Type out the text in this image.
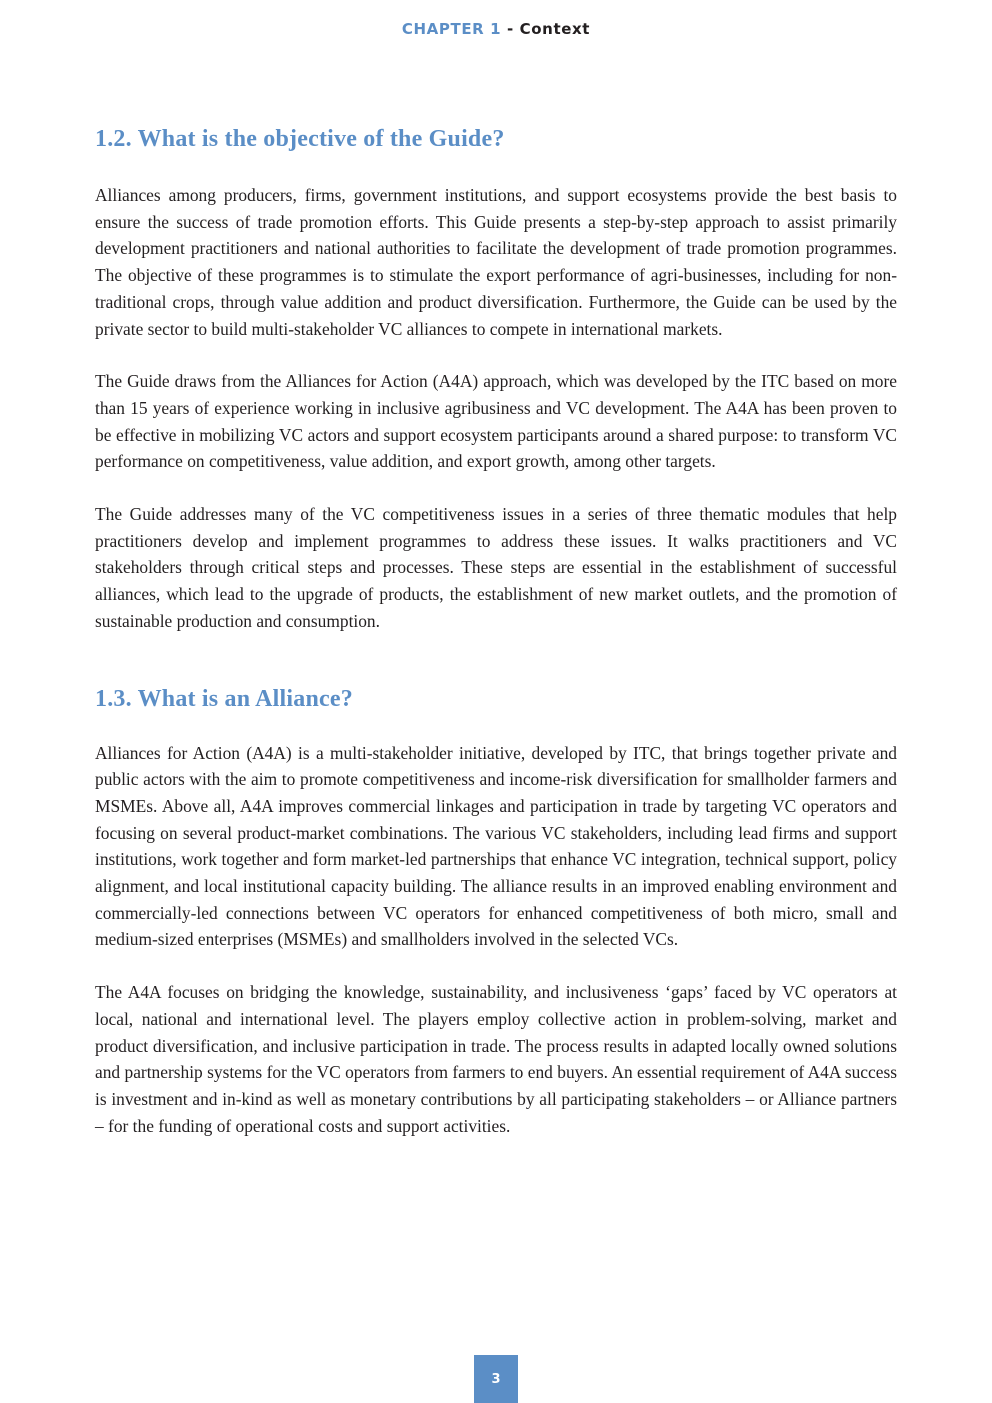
CHAPTER 1 - Context
1.2. What is the objective of the Guide?

Alliances among producers, firms, government institutions, and support ecosystems provide the best basis to ensure the success of trade promotion efforts. This Guide presents a step-by-step approach to assist primarily development practitioners and national authorities to facilitate the development of trade promotion programmes. The objective of these programmes is to stimulate the export performance of agri-businesses, including for non-traditional crops, through value addition and product diversification. Furthermore, the Guide can be used by the private sector to build multi-stakeholder VC alliances to compete in international markets.

The Guide draws from the Alliances for Action (A4A) approach, which was developed by the ITC based on more than 15 years of experience working in inclusive agribusiness and VC development. The A4A has been proven to be effective in mobilizing VC actors and support ecosystem participants around a shared purpose: to transform VC performance on competitiveness, value addition, and export growth, among other targets.

The Guide addresses many of the VC competitiveness issues in a series of three thematic modules that help practitioners develop and implement programmes to address these issues. It walks practitioners and VC stakeholders through critical steps and processes. These steps are essential in the establishment of successful alliances, which lead to the upgrade of products, the establishment of new market outlets, and the promotion of sustainable production and consumption.

1.3. What is an Alliance?

Alliances for Action (A4A) is a multi-stakeholder initiative, developed by ITC, that brings together private and public actors with the aim to promote competitiveness and income-risk diversification for smallholder farmers and MSMEs. Above all, A4A improves commercial linkages and participation in trade by targeting VC operators and focusing on several product-market combinations. The various VC stakeholders, including lead firms and support institutions, work together and form market-led partnerships that enhance VC integration, technical support, policy alignment, and local institutional capacity building. The alliance results in an improved enabling environment and commercially-led connections between VC operators for enhanced competitiveness of both micro, small and medium-sized enterprises (MSMEs) and smallholders involved in the selected VCs.

The A4A focuses on bridging the knowledge, sustainability, and inclusiveness ‘gaps’ faced by VC operators at local, national and international level. The players employ collective action in problem-solving, market and product diversification, and inclusive participation in trade. The process results in adapted locally owned solutions and partnership systems for the VC operators from farmers to end buyers. An essential requirement of A4A success is investment and in-kind as well as monetary contributions by all participating stakeholders – or Alliance partners – for the funding of operational costs and support activities.

3
